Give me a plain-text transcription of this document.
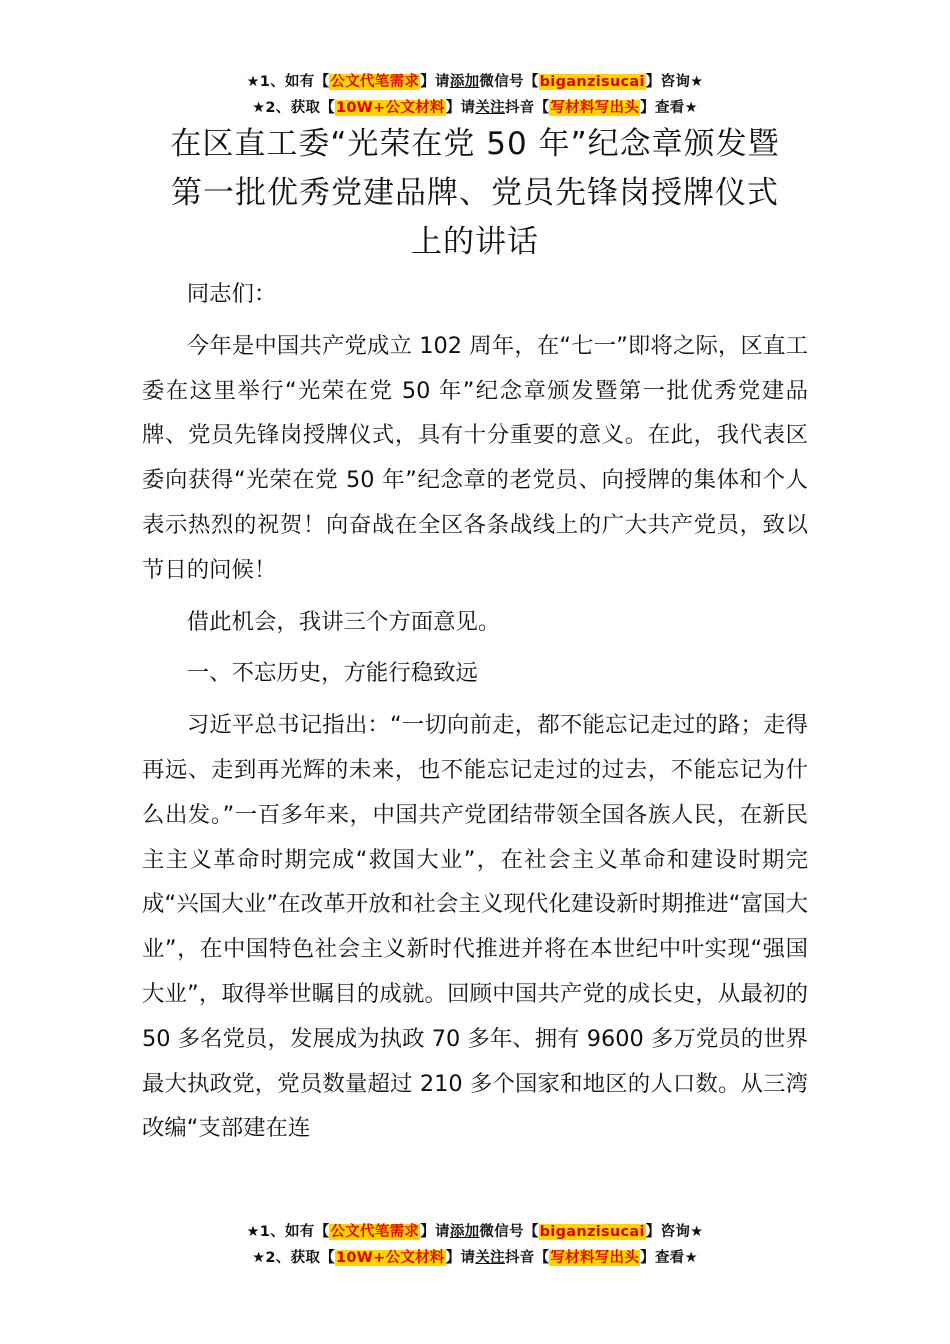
★1、如有【公文代笔需求】请添加微信号【biganzisucai】咨询★
★2、获取【10W+公文材料】请关注抖音【写材料写出头】查看★
在区直工委“光荣在党 50 年”纪念章颁发暨
第一批优秀党建品牌、党员先锋岗授牌仪式
上的讲话

同志们：

今年是中国共产党成立 102 周年，在“七一”即将之际，区直工委在这里举行“光荣在党 50 年”纪念章颁发暨第一批优秀党建品牌、党员先锋岗授牌仪式，具有十分重要的意义。在此，我代表区委向获得“光荣在党 50 年”纪念章的老党员、向授牌的集体和个人表示热烈的祝贺！向奋战在全区各条战线上的广大共产党员，致以节日的问候！

借此机会，我讲三个方面意见。

一、不忘历史，方能行稳致远

习近平总书记指出：“一切向前走，都不能忘记走过的路；走得再远、走到再光辉的未来，也不能忘记走过的过去，不能忘记为什么出发。”一百多年来，中国共产党团结带领全国各族人民，在新民主主义革命时期完成“救国大业”，在社会主义革命和建设时期完成“兴国大业”在改革开放和社会主义现代化建设新时期推进“富国大业”，在中国特色社会主义新时代推进并将在本世纪中叶实现“强国大业”，取得举世瞩目的成就。回顾中国共产党的成长史，从最初的 50 多名党员，发展成为执政 70 多年、拥有 9600 多万党员的世界最大执政党，党员数量超过 210 多个国家和地区的人口数。从三湾改编“支部建在连

★1、如有【公文代笔需求】请添加微信号【biganzisucai】咨询★
★2、获取【10W+公文材料】请关注抖音【写材料写出头】查看★
